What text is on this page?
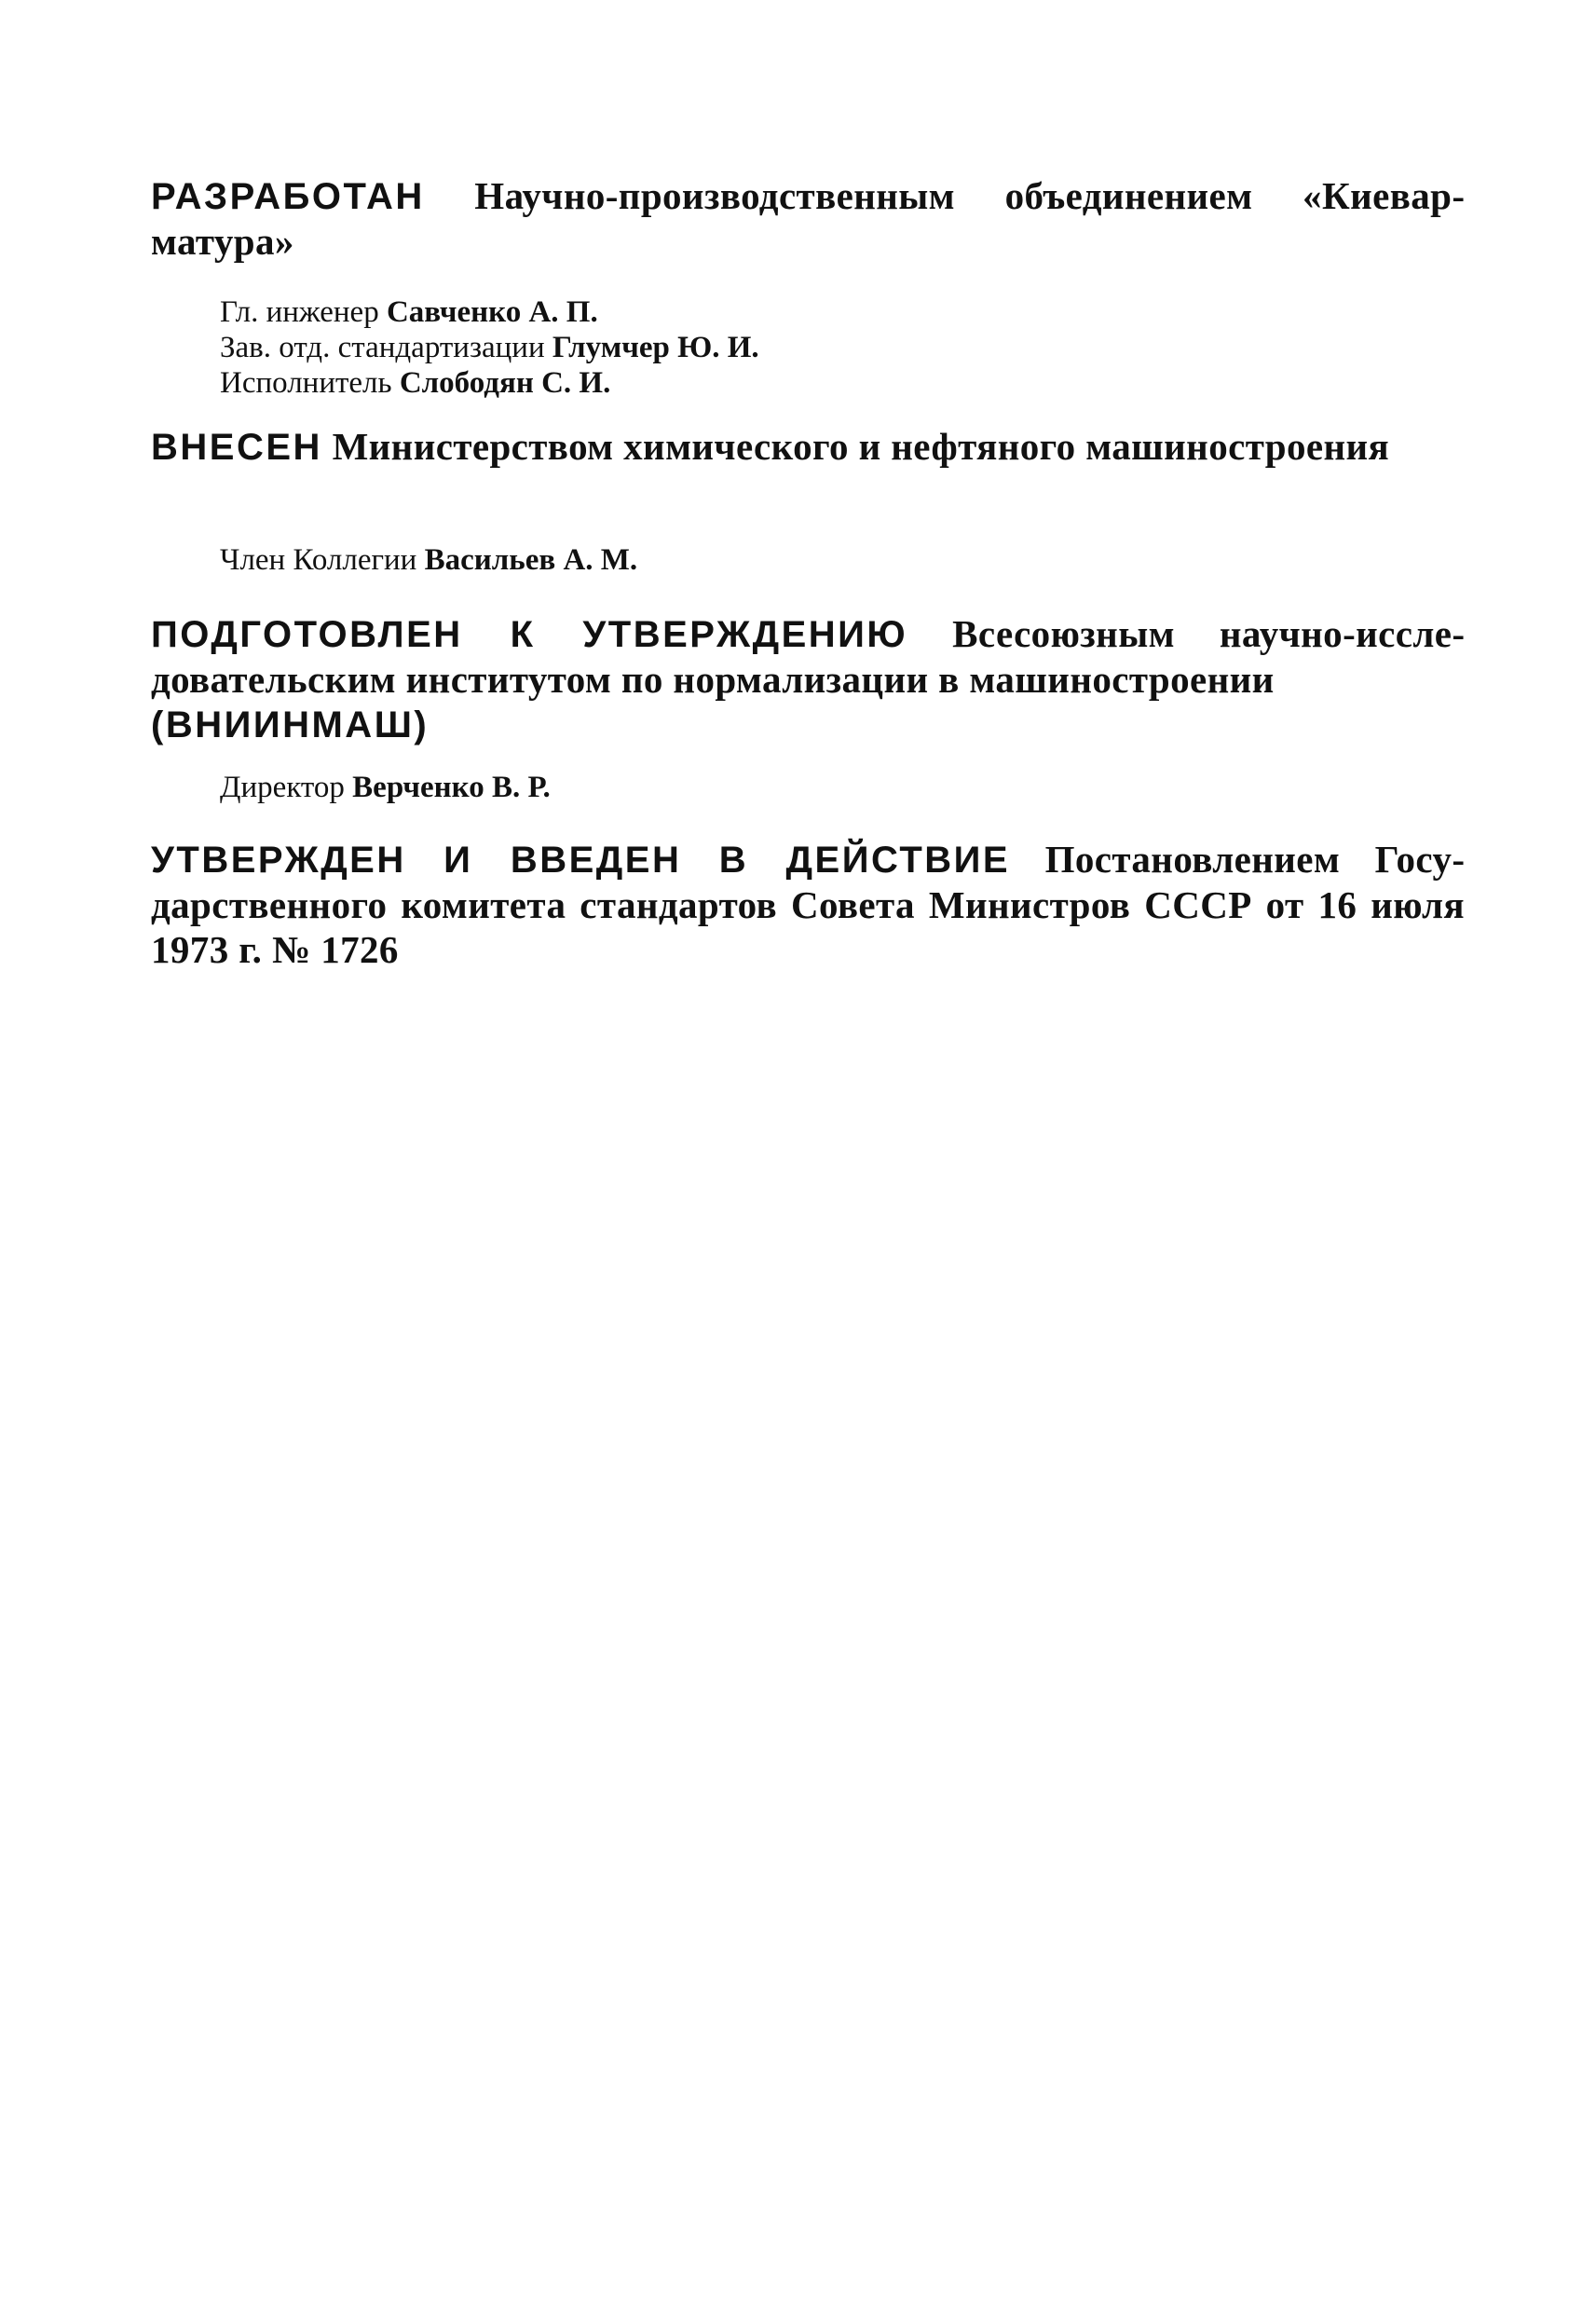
РАЗРАБОТАН Научно-производственным объединением «Киеварматура»
Гл. инженер Савченко А. П.
Зав. отд. стандартизации Глумчер Ю. И.
Исполнитель Слободян С. И.
ВНЕСЕН Министерством химического и нефтяного машиностроения
Член Коллегии Васильев А. М.
ПОДГОТОВЛЕН К УТВЕРЖДЕНИЮ Всесоюзным научно-исследовательским институтом по нормализации в машиностроении
(ВНИИНМАШ)
Директор Верченко В. Р.
УТВЕРЖДЕН И ВВЕДЕН В ДЕЙСТВИЕ Постановлением Государственного комитета стандартов Совета Министров СССР от 16 июля 1973 г. № 1726
